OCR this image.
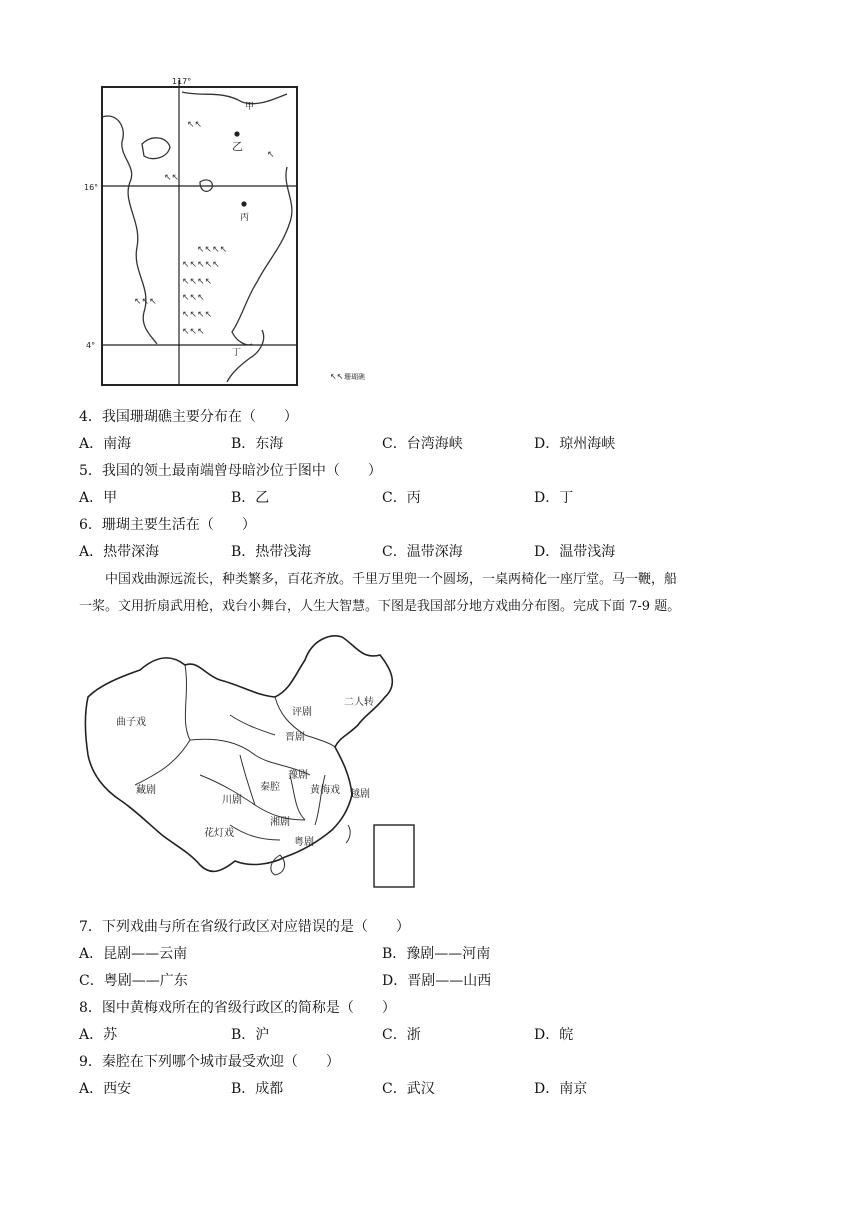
117°
16°
4°
↖↖
↖
↖↖
↖↖↖↖
↖↖↖↖↖
↖↖↖↖
↖↖↖	↖↖↖
↖↖↖↖
↖↖↖
甲
乙
丙
丁
↖↖ 珊瑚礁
4．我国珊瑚礁主要分布在（　　）
A．南海	B．东海	C．台湾海峡	D．琼州海峡
5．我国的领土最南端曾母暗沙位于图中（　　）
A．甲	B．乙	C．丙	D．丁
6．珊瑚主要生活在（　　）
A．热带深海	B．热带浅海	C．温带深海	D．温带浅海
中国戏曲源远流长，种类繁多，百花齐放。千里万里兜一个圆场，一桌两椅化一座厅堂。马一鞭，船
一桨。文用折扇武用枪，戏台小舞台，人生大智慧。下图是我国部分地方戏曲分布图。完成下面 7-9 题。
曲子戏
二人转
评剧
晋剧
秦腔
豫剧
黄梅戏 越剧
藏剧
川剧
湘剧
花灯戏
粤剧
7．下列戏曲与所在省级行政区对应错误的是（　　）
A．昆剧——云南	B．豫剧——河南
C．粤剧——广东	D．晋剧——山西
8．图中黄梅戏所在的省级行政区的简称是（　　）
A．苏	B．沪	C．浙	D．皖
9．秦腔在下列哪个城市最受欢迎（　　）
A．西安	B．成都	C．武汉	D．南京
